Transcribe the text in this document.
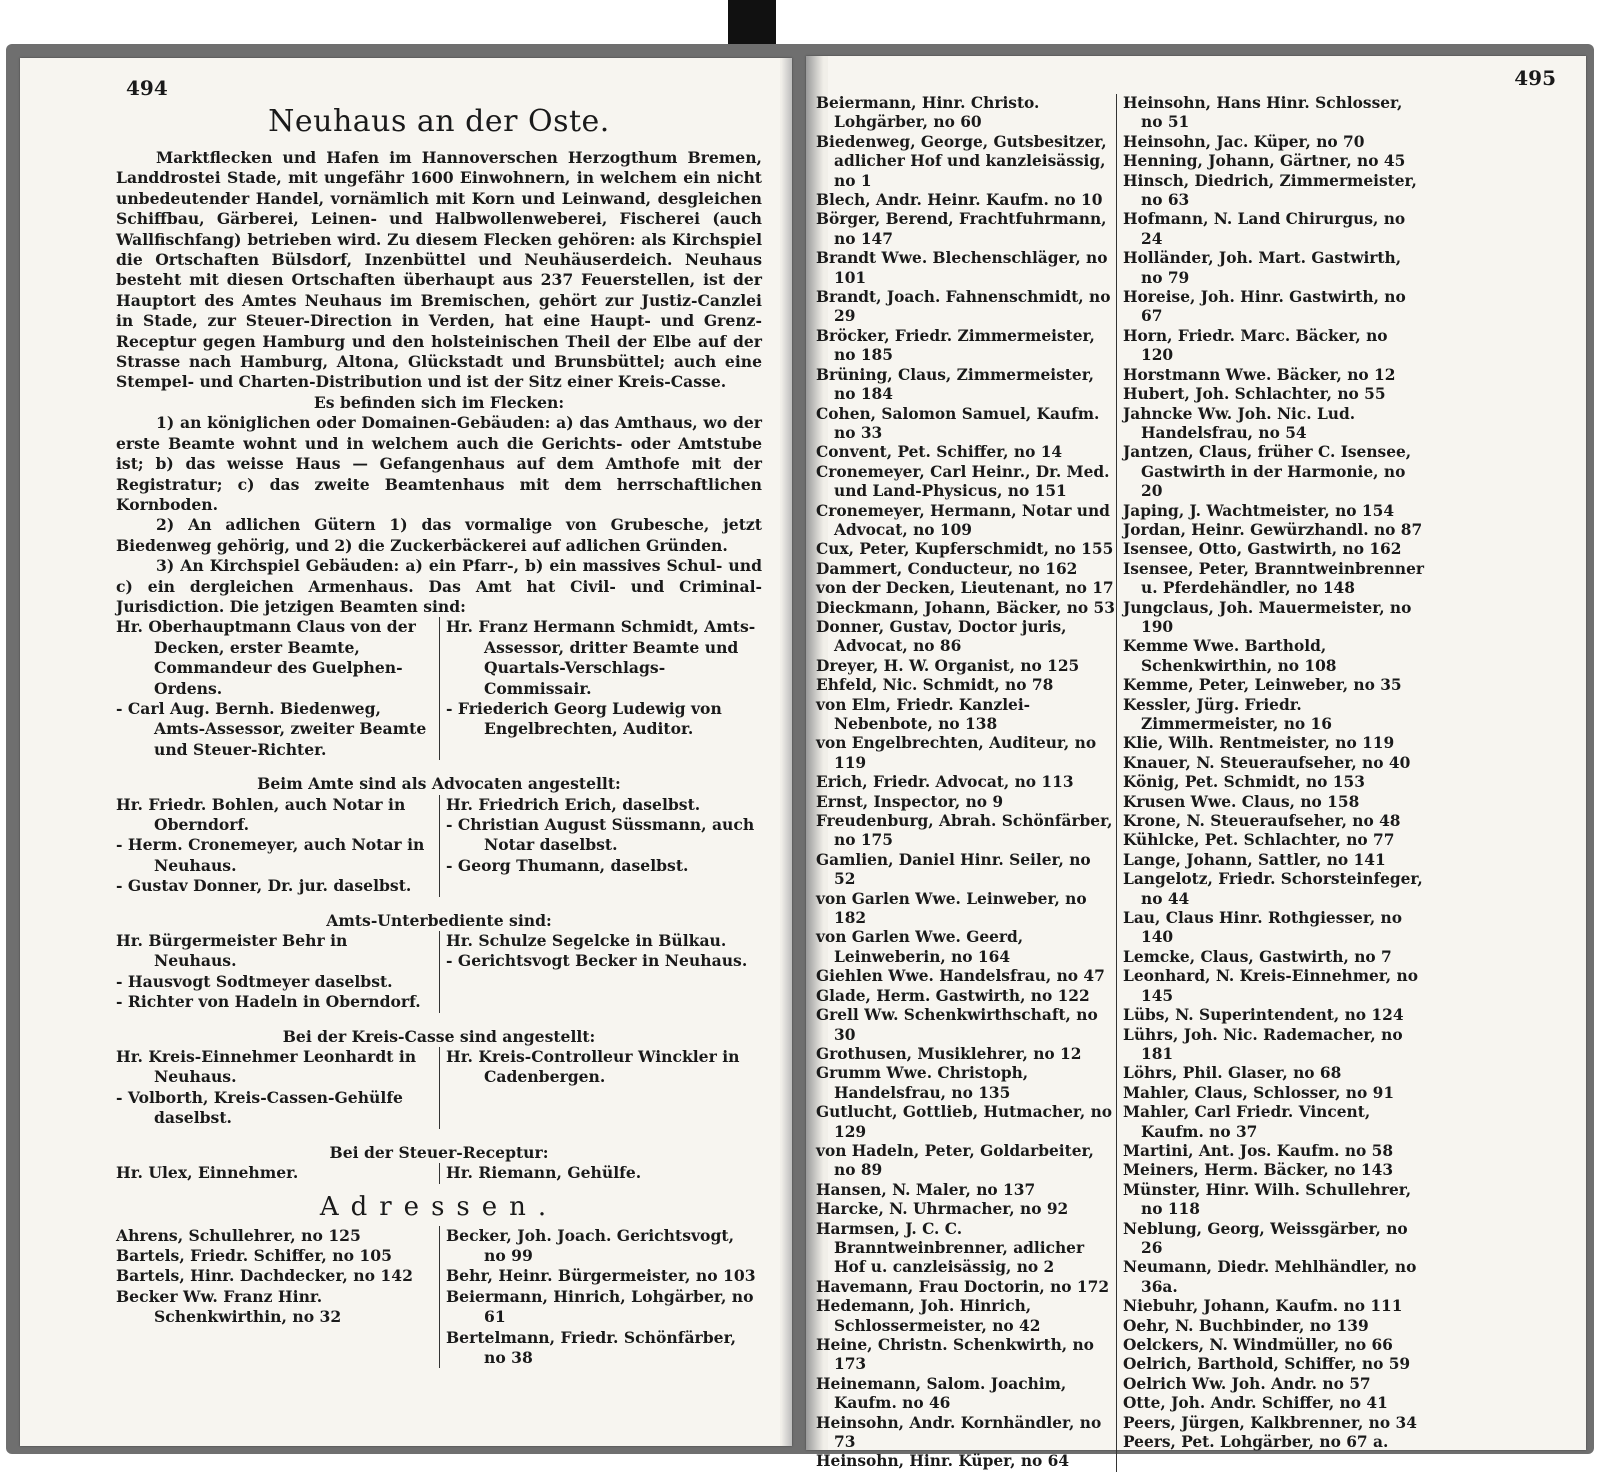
494
Neuhaus an der Oste.

Marktflecken und Hafen im Hannoverschen Herzogthum Bremen, Landdrostei Stade, mit ungefähr 1600 Einwohnern, in welchem ein nicht unbedeutender Handel, vornämlich mit Korn und Leinwand, desgleichen Schiffbau, Gärberei, Leinen- und Halbwollenweberei, Fischerei (auch Wallfischfang) betrieben wird. Zu diesem Flecken gehören: als Kirchspiel die Ortschaften Bülsdorf, Inzenbüttel und Neuhäuserdeich. Neuhaus besteht mit diesen Ortschaften überhaupt aus 237 Feuerstellen, ist der Hauptort des Amtes Neuhaus im Bremischen, gehört zur Justiz-Canzlei in Stade, zur Steuer-Direction in Verden, hat eine Haupt- und Grenz-Receptur gegen Hamburg und den holsteinischen Theil der Elbe auf der Strasse nach Hamburg, Altona, Glückstadt und Brunsbüttel; auch eine Stempel- und Charten-Distribution und ist der Sitz einer Kreis-Casse.

Es befinden sich im Flecken:

1) an königlichen oder Domainen-Gebäuden: a) das Amthaus, wo der erste Beamte wohnt und in welchem auch die Gerichts- oder Amtstube ist; b) das weisse Haus — Gefangenhaus auf dem Amthofe mit der Registratur; c) das zweite Beamtenhaus mit dem herrschaftlichen Kornboden.

2) An adlichen Gütern 1) das vormalige von Grubesche, jetzt Biedenweg gehörig, und 2) die Zuckerbäckerei auf adlichen Gründen.

3) An Kirchspiel Gebäuden: a) ein Pfarr-, b) ein massives Schul- und c) ein dergleichen Armenhaus. Das Amt hat Civil- und Criminal-Jurisdiction. Die jetzigen Beamten sind:

Hr. Oberhauptmann Claus von der Decken, erster Beamte, Commandeur des Guelphen-Ordens.

- Carl Aug. Bernh. Biedenweg, Amts-Assessor, zweiter Beamte und Steuer-Richter.

Hr. Franz Hermann Schmidt, Amts-Assessor, dritter Beamte und Quartals-Verschlags-Commissair.

- Friederich Georg Ludewig von Engelbrechten, Auditor.

Beim Amte sind als Advocaten angestellt:

Hr. Friedr. Bohlen, auch Notar in Oberndorf.

- Herm. Cronemeyer, auch Notar in Neuhaus.

- Gustav Donner, Dr. jur. daselbst.

Hr. Friedrich Erich, daselbst.

- Christian August Süssmann, auch Notar daselbst.

- Georg Thumann, daselbst.

Amts-Unterbediente sind:

Hr. Bürgermeister Behr in Neuhaus.

- Hausvogt Sodtmeyer daselbst.

- Richter von Hadeln in Oberndorf.

Hr. Schulze Segelcke in Bülkau.

- Gerichtsvogt Becker in Neuhaus.

Bei der Kreis-Casse sind angestellt:

Hr. Kreis-Einnehmer Leonhardt in Neuhaus.

- Volborth, Kreis-Cassen-Gehülfe daselbst.

Hr. Kreis-Controlleur Winckler in Cadenbergen.

Bei der Steuer-Receptur:

Hr. Ulex, Einnehmer.	Hr. Riemann, Gehülfe.

Adressen.

Ahrens, Schullehrer, no 125

Bartels, Friedr. Schiffer, no 105

Bartels, Hinr. Dachdecker, no 142

Becker Ww. Franz Hinr. Schenkwirthin, no 32

Becker, Joh. Joach. Gerichtsvogt, no 99

Behr, Heinr. Bürgermeister, no 103

Beiermann, Hinrich, Lohgärber, no 61

Bertelmann, Friedr. Schönfärber, no 38

495

Beiermann, Hinr. Christo. Lohgärber, no 60

Biedenweg, George, Gutsbesitzer, adlicher Hof und kanzleisässig, no 1

Blech, Andr. Heinr. Kaufm. no 10

Börger, Berend, Frachtfuhrmann, no 147

Brandt Wwe. Blechenschläger, no 101

Brandt, Joach. Fahnenschmidt, no 29

Bröcker, Friedr. Zimmermeister, no 185

Brüning, Claus, Zimmermeister, no 184

Cohen, Salomon Samuel, Kaufm. no 33

Convent, Pet. Schiffer, no 14

Cronemeyer, Carl Heinr., Dr. Med. und Land-Physicus, no 151

Cronemeyer, Hermann, Notar und Advocat, no 109

Cux, Peter, Kupferschmidt, no 155

Dammert, Conducteur, no 162

von der Decken, Lieutenant, no 17

Dieckmann, Johann, Bäcker, no 53

Donner, Gustav, Doctor juris, Advocat, no 86

Dreyer, H. W. Organist, no 125

Ehfeld, Nic. Schmidt, no 78

von Elm, Friedr. Kanzlei-Nebenbote, no 138

von Engelbrechten, Auditeur, no 119

Erich, Friedr. Advocat, no 113

Ernst, Inspector, no 9

Freudenburg, Abrah. Schönfärber, no 175

Gamlien, Daniel Hinr. Seiler, no 52

von Garlen Wwe. Leinweber, no 182

von Garlen Wwe. Geerd, Leinweberin, no 164

Giehlen Wwe. Handelsfrau, no 47

Glade, Herm. Gastwirth, no 122

Grell Ww. Schenkwirthschaft, no 30

Grothusen, Musiklehrer, no 12

Grumm Wwe. Christoph, Handelsfrau, no 135

Gutlucht, Gottlieb, Hutmacher, no 129

von Hadeln, Peter, Goldarbeiter, no 89

Hansen, N. Maler, no 137

Harcke, N. Uhrmacher, no 92

Harmsen, J. C. C. Branntweinbrenner, adlicher Hof u. canzleisässig, no 2

Havemann, Frau Doctorin, no 172

Hedemann, Joh. Hinrich, Schlossermeister, no 42

Heine, Christn. Schenkwirth, no 173

Heinemann, Salom. Joachim, Kaufm. no 46

Heinsohn, Andr. Kornhändler, no 73

Heinsohn, Hinr. Küper, no 64

Heinsohn, Hans Hinr. Schlosser, no 51

Heinsohn, Jac. Küper, no 70

Henning, Johann, Gärtner, no 45

Hinsch, Diedrich, Zimmermeister, no 63

Hofmann, N. Land Chirurgus, no 24

Holländer, Joh. Mart. Gastwirth, no 79

Horeise, Joh. Hinr. Gastwirth, no 67

Horn, Friedr. Marc. Bäcker, no 120

Horstmann Wwe. Bäcker, no 12

Hubert, Joh. Schlachter, no 55

Jahncke Ww. Joh. Nic. Lud. Handelsfrau, no 54

Jantzen, Claus, früher C. Isensee, Gastwirth in der Harmonie, no 20

Japing, J. Wachtmeister, no 154

Jordan, Heinr. Gewürzhandl. no 87

Isensee, Otto, Gastwirth, no 162

Isensee, Peter, Branntweinbrenner u. Pferdehändler, no 148

Jungclaus, Joh. Mauermeister, no 190

Kemme Wwe. Barthold, Schenkwirthin, no 108

Kemme, Peter, Leinweber, no 35

Kessler, Jürg. Friedr. Zimmermeister, no 16

Klie, Wilh. Rentmeister, no 119

Knauer, N. Steueraufseher, no 40

König, Pet. Schmidt, no 153

Krusen Wwe. Claus, no 158

Krone, N. Steueraufseher, no 48

Kühlcke, Pet. Schlachter, no 77

Lange, Johann, Sattler, no 141

Langelotz, Friedr. Schorsteinfeger, no 44

Lau, Claus Hinr. Rothgiesser, no 140

Lemcke, Claus, Gastwirth, no 7

Leonhard, N. Kreis-Einnehmer, no 145

Lübs, N. Superintendent, no 124

Lührs, Joh. Nic. Rademacher, no 181

Löhrs, Phil. Glaser, no 68

Mahler, Claus, Schlosser, no 91

Mahler, Carl Friedr. Vincent, Kaufm. no 37

Martini, Ant. Jos. Kaufm. no 58

Meiners, Herm. Bäcker, no 143

Münster, Hinr. Wilh. Schullehrer, no 118

Neblung, Georg, Weissgärber, no 26

Neumann, Diedr. Mehlhändler, no 36a.

Niebuhr, Johann, Kaufm. no 111

Oehr, N. Buchbinder, no 139

Oelckers, N. Windmüller, no 66

Oelrich, Barthold, Schiffer, no 59

Oelrich Ww. Joh. Andr. no 57

Otte, Joh. Andr. Schiffer, no 41

Peers, Jürgen, Kalkbrenner, no 34

Peers, Pet. Lohgärber, no 67 a.
